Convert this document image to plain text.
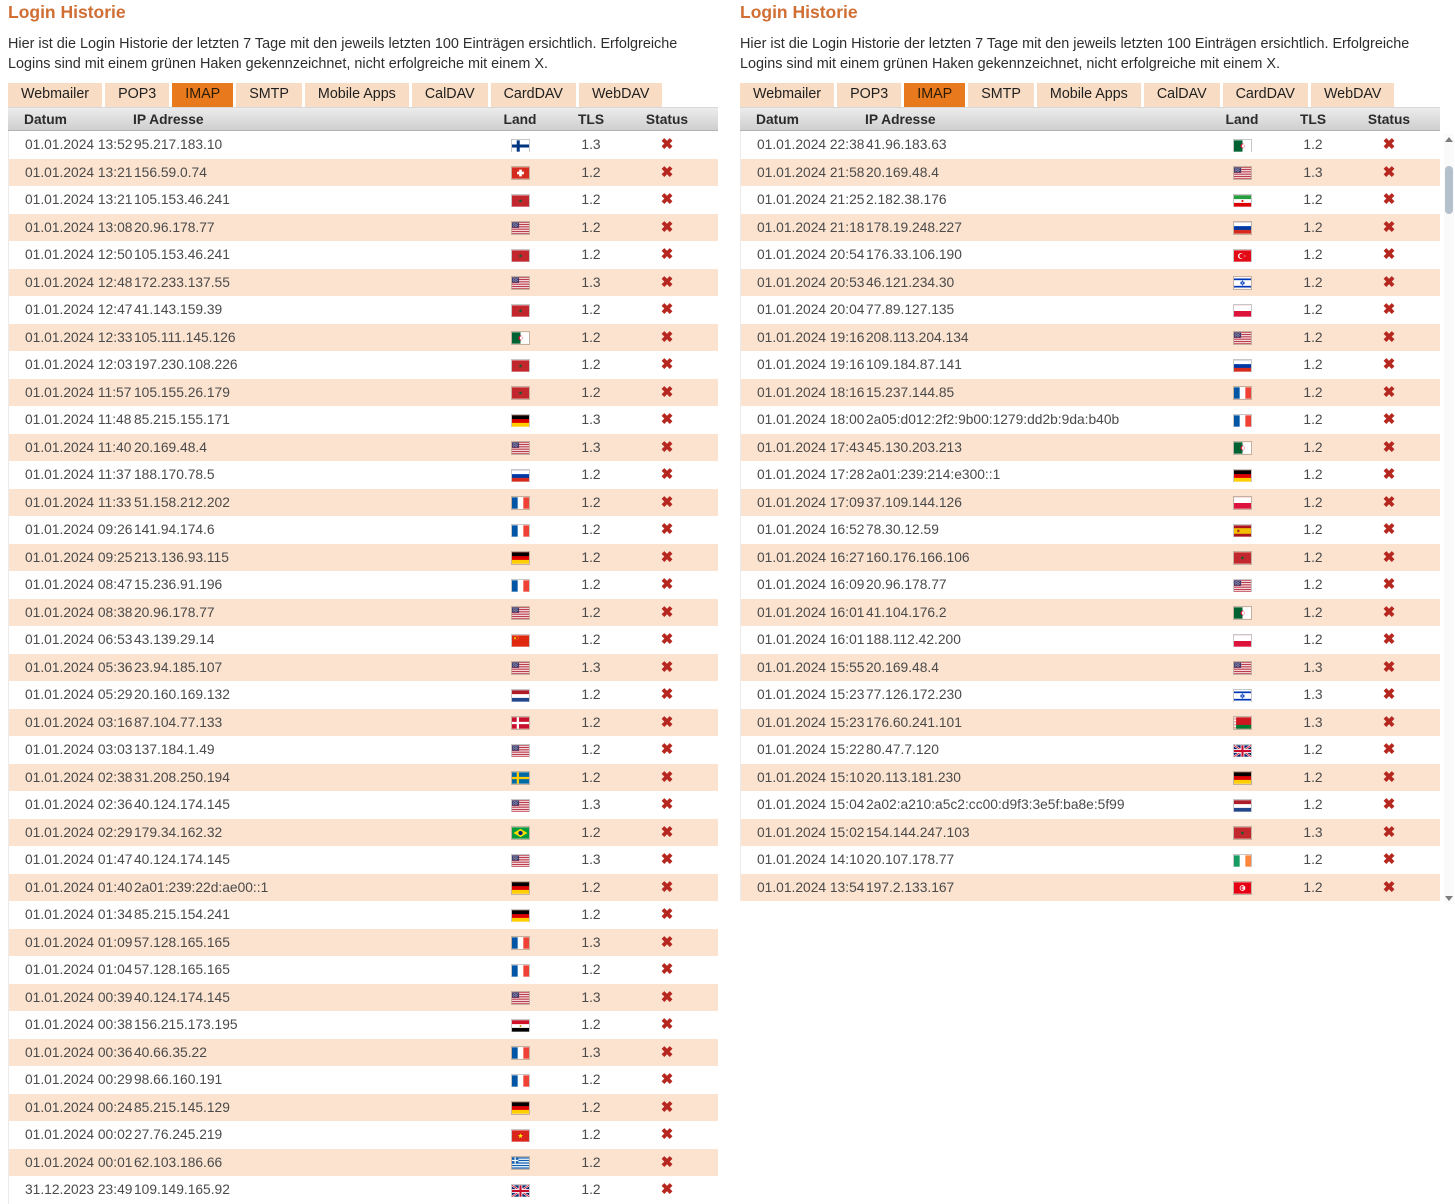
Login Historie

Hier ist die Login Historie der letzten 7 Tage mit den jeweils letzten 100 Einträgen ersichtlich. Erfolgreiche Logins sind mit einem grünen Haken gekennzeichnet, nicht erfolgreiche mit einem X.

Webmailer POP3 IMAP SMTP Mobile Apps CalDAV CardDAV WebDAV
Datum	IP Adresse	Land	TLS	Status
01.01.2024 13:52 95.217.183.10	1.3	✖
01.01.2024 13:21 156.59.0.74	1.2	✖
01.01.2024 13:21 105.153.46.241	1.2	✖
01.01.2024 13:08 20.96.178.77	1.2	✖
01.01.2024 12:50 105.153.46.241	1.2	✖
01.01.2024 12:48 172.233.137.55	1.3	✖
01.01.2024 12:47 41.143.159.39	1.2	✖
01.01.2024 12:33 105.111.145.126	1.2	✖
01.01.2024 12:03 197.230.108.226	1.2	✖
01.01.2024 11:57 105.155.26.179	1.2	✖
01.01.2024 11:48 85.215.155.171	1.3	✖
01.01.2024 11:40 20.169.48.4	1.3	✖
01.01.2024 11:37 188.170.78.5	1.2	✖
01.01.2024 11:33 51.158.212.202	1.2	✖
01.01.2024 09:26 141.94.174.6	1.2	✖
01.01.2024 09:25 213.136.93.115	1.2	✖
01.01.2024 08:47 15.236.91.196	1.2	✖
01.01.2024 08:38 20.96.178.77	1.2	✖
01.01.2024 06:53 43.139.29.14	1.2	✖
01.01.2024 05:36 23.94.185.107	1.3	✖
01.01.2024 05:29 20.160.169.132	1.2	✖
01.01.2024 03:16 87.104.77.133	1.2	✖
01.01.2024 03:03 137.184.1.49	1.2	✖
01.01.2024 02:38 31.208.250.194	1.2	✖
01.01.2024 02:36 40.124.174.145	1.3	✖
01.01.2024 02:29 179.34.162.32	1.2	✖
01.01.2024 01:47 40.124.174.145	1.3	✖
01.01.2024 01:40 2a01:239:22d:ae00::1	1.2	✖
01.01.2024 01:34 85.215.154.241	1.2	✖
01.01.2024 01:09 57.128.165.165	1.3	✖
01.01.2024 01:04 57.128.165.165	1.2	✖
01.01.2024 00:39 40.124.174.145	1.3	✖
01.01.2024 00:38 156.215.173.195	1.2	✖
01.01.2024 00:36 40.66.35.22	1.3	✖
01.01.2024 00:29 98.66.160.191	1.2	✖
01.01.2024 00:24 85.215.145.129	1.2	✖
01.01.2024 00:02 27.76.245.219	1.2	✖
01.01.2024 00:01 62.103.186.66	1.2	✖
31.12.2023 23:49 109.149.165.92	1.2	✖
Login Historie

Hier ist die Login Historie der letzten 7 Tage mit den jeweils letzten 100 Einträgen ersichtlich. Erfolgreiche Logins sind mit einem grünen Haken gekennzeichnet, nicht erfolgreiche mit einem X.

Webmailer POP3 IMAP SMTP Mobile Apps CalDAV CardDAV WebDAV
Datum	IP Adresse	Land	TLS	Status
01.01.2024 22:38 41.96.183.63	1.2	✖
01.01.2024 21:58 20.169.48.4	1.3	✖
01.01.2024 21:25 2.182.38.176	1.2	✖
01.01.2024 21:18 178.19.248.227	1.2	✖
01.01.2024 20:54 176.33.106.190	1.2	✖
01.01.2024 20:53 46.121.234.30	1.2	✖
01.01.2024 20:04 77.89.127.135	1.2	✖
01.01.2024 19:16 208.113.204.134	1.2	✖
01.01.2024 19:16 109.184.87.141	1.2	✖
01.01.2024 18:16 15.237.144.85	1.2	✖
01.01.2024 18:00 2a05:d012:2f2:9b00:1279:dd2b:9da:b40b	1.2	✖
01.01.2024 17:43 45.130.203.213	1.2	✖
01.01.2024 17:28 2a01:239:214:e300::1	1.2	✖
01.01.2024 17:09 37.109.144.126	1.2	✖
01.01.2024 16:52 78.30.12.59	1.2	✖
01.01.2024 16:27 160.176.166.106	1.2	✖
01.01.2024 16:09 20.96.178.77	1.2	✖
01.01.2024 16:01 41.104.176.2	1.2	✖
01.01.2024 16:01 188.112.42.200	1.2	✖
01.01.2024 15:55 20.169.48.4	1.3	✖
01.01.2024 15:23 77.126.172.230	1.3	✖
01.01.2024 15:23 176.60.241.101	1.3	✖
01.01.2024 15:22 80.47.7.120	1.2	✖
01.01.2024 15:10 20.113.181.230	1.2	✖
01.01.2024 15:04 2a02:a210:a5c2:cc00:d9f3:3e5f:ba8e:5f99	1.2	✖
01.01.2024 15:02 154.144.247.103	1.3	✖
01.01.2024 14:10 20.107.178.77	1.2	✖
01.01.2024 13:54 197.2.133.167	1.2	✖
